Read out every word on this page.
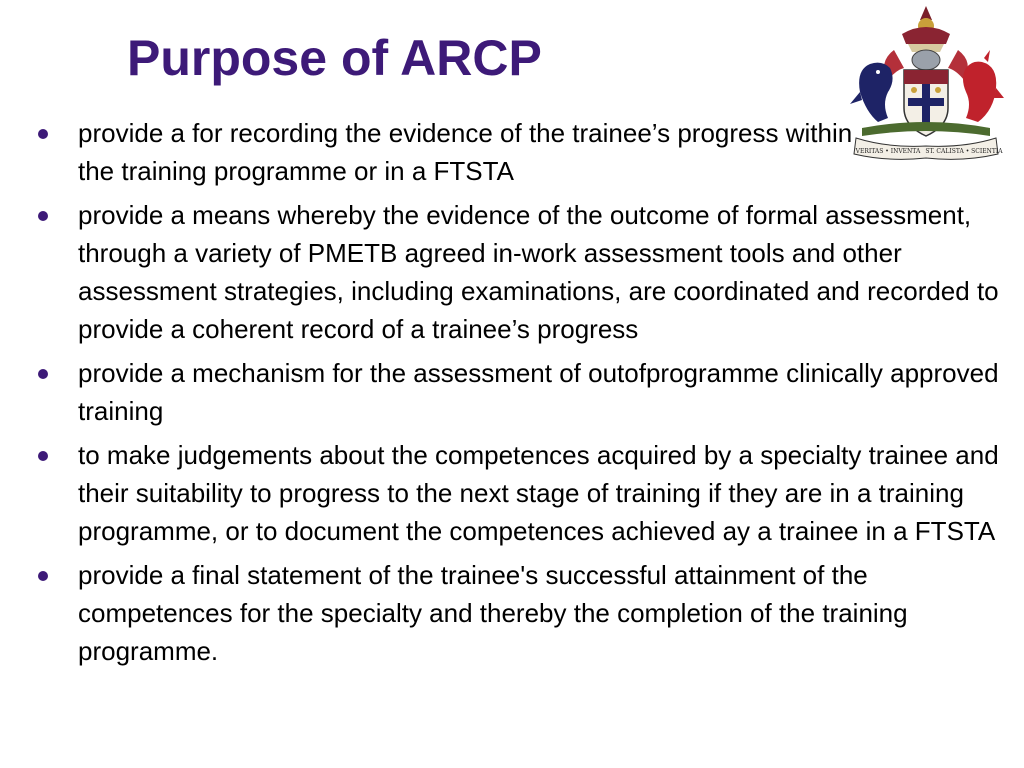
Purpose of ARCP
VERITAS • INVENTA ST. CALISTA • SCIENTIA
provide a for recording the evidence of the trainee’s progress within the training programme or in a FTSTA
provide a means whereby the evidence of the outcome of formal assessment, through a variety of PMETB agreed in-work assessment tools and other assessment strategies, including examinations, are coordinated and recorded to provide a coherent record of a trainee’s progress
provide a mechanism for the assessment of outofprogramme clinically approved training
to make judgements about the competences acquired by a specialty trainee and their suitability to progress to the next stage of training if they are in a training programme, or to document the competences achieved ay a trainee in a FTSTA
provide a final statement of the trainee's successful attainment of the competences for the specialty and thereby the completion of the training programme.
